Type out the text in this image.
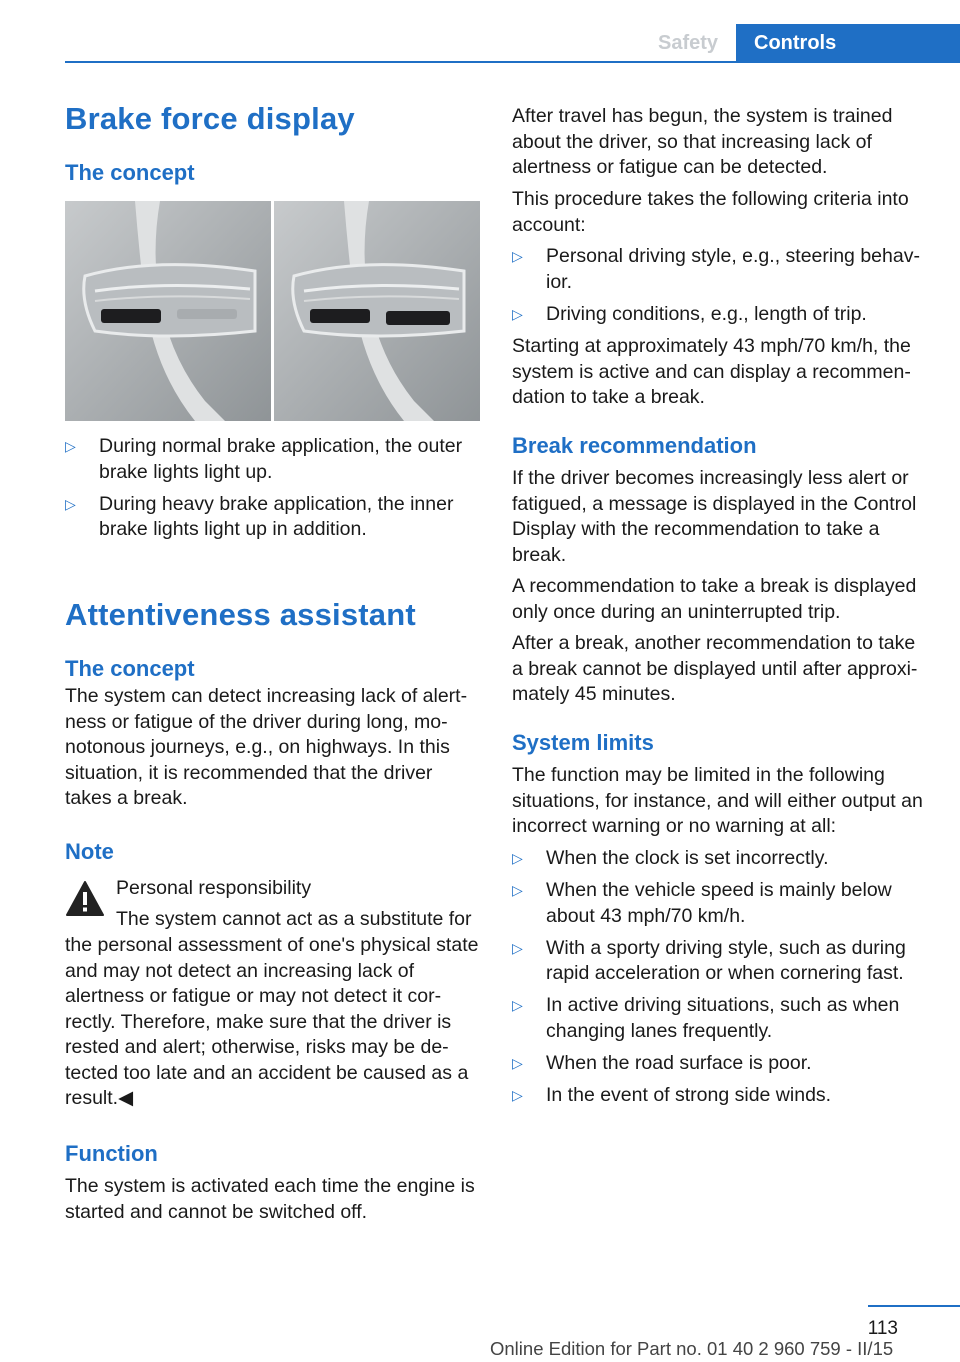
Safety	Controls
Brake force display
The concept
▷ During normal brake application, the outer brake lights light up.
▷ During heavy brake application, the inner brake lights light up in addition.
Attentiveness assistant
The concept

The system can detect increasing lack of alert-ness or fatigue of the driver during long, mo-notonous journeys, e.g., on highways. In this situation, it is recommended that the driver takes a break.

Note

Personal responsibility

The system cannot act as a substitute for

the personal assessment of one's physical state and may not detect an increasing lack of alertness or fatigue or may not detect it cor-rectly. Therefore, make sure that the driver is rested and alert; otherwise, risks may be de-tected too late and an accident be caused as a result.◀

Function

The system is activated each time the engine is started and cannot be switched off.

After travel has begun, the system is trained about the driver, so that increasing lack of alertness or fatigue can be detected.

This procedure takes the following criteria into account:

▷ Personal driving style, e.g., steering behav-ior.
▷ Driving conditions, e.g., length of trip.

Starting at approximately 43 mph/70 km/h, the system is active and can display a recommen-dation to take a break.

Break recommendation

If the driver becomes increasingly less alert or fatigued, a message is displayed in the Control Display with the recommendation to take a break.

A recommendation to take a break is displayed only once during an uninterrupted trip.

After a break, another recommendation to take a break cannot be displayed until after approxi-mately 45 minutes.

System limits

The function may be limited in the following situations, for instance, and will either output an incorrect warning or no warning at all:

▷ When the clock is set incorrectly.
▷ When the vehicle speed is mainly below about 43 mph/70 km/h.
▷ With a sporty driving style, such as during rapid acceleration or when cornering fast.
▷ In active driving situations, such as when changing lanes frequently.
▷ When the road surface is poor.
▷ In the event of strong side winds.
113
Online Edition for Part no. 01 40 2 960 759 - II/15
